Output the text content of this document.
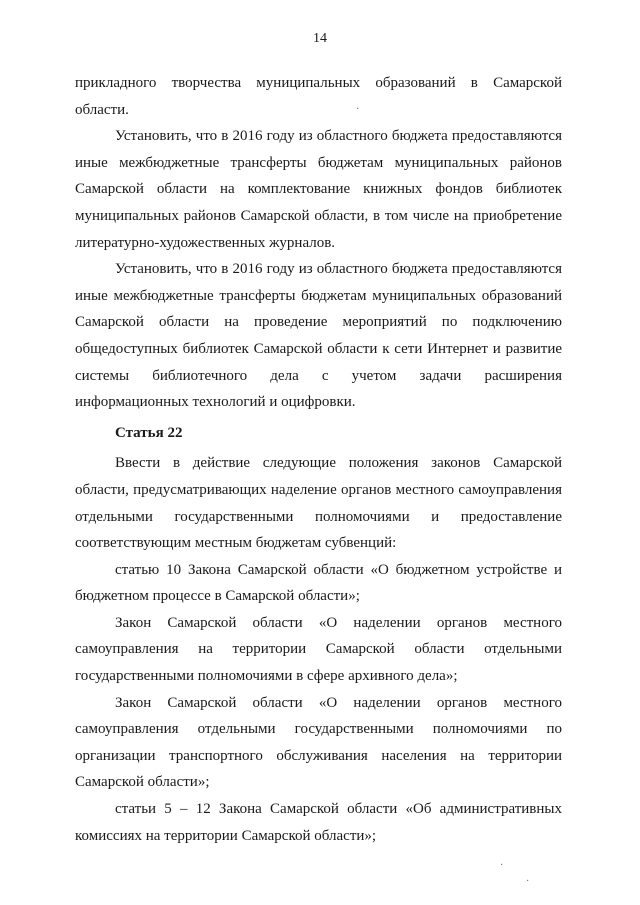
14

прикладного творчества муниципальных образований в Самарской области.

Установить, что в 2016 году из областного бюджета предоставляются иные межбюджетные трансферты бюджетам муниципальных районов Самарской области на комплектование книжных фондов библиотек муниципальных районов Самарской области, в том числе на приобретение литературно-художественных журналов.

Установить, что в 2016 году из областного бюджета предоставляются иные межбюджетные трансферты бюджетам муниципальных образований Самарской области на проведение мероприятий по подключению общедоступных библиотек Самарской области к сети Интернет и развитие системы библиотечного дела с учетом задачи расширения информационных технологий и оцифровки.

Статья 22

Ввести в действие следующие положения законов Самарской области, предусматривающих наделение органов местного самоуправления отдельными государственными полномочиями и предоставление соответствующим местным бюджетам субвенций:

статью 10 Закона Самарской области «О бюджетном устройстве и бюджетном процессе в Самарской области»;

Закон Самарской области «О наделении органов местного самоуправления на территории Самарской области отдельными государственными полномочиями в сфере архивного дела»;

Закон Самарской области «О наделении органов местного самоуправления отдельными государственными полномочиями по организации транспортного обслуживания населения на территории Самарской области»;

статьи 5 – 12 Закона Самарской области «Об административных комиссиях на территории Самарской области»;

·
·
·
